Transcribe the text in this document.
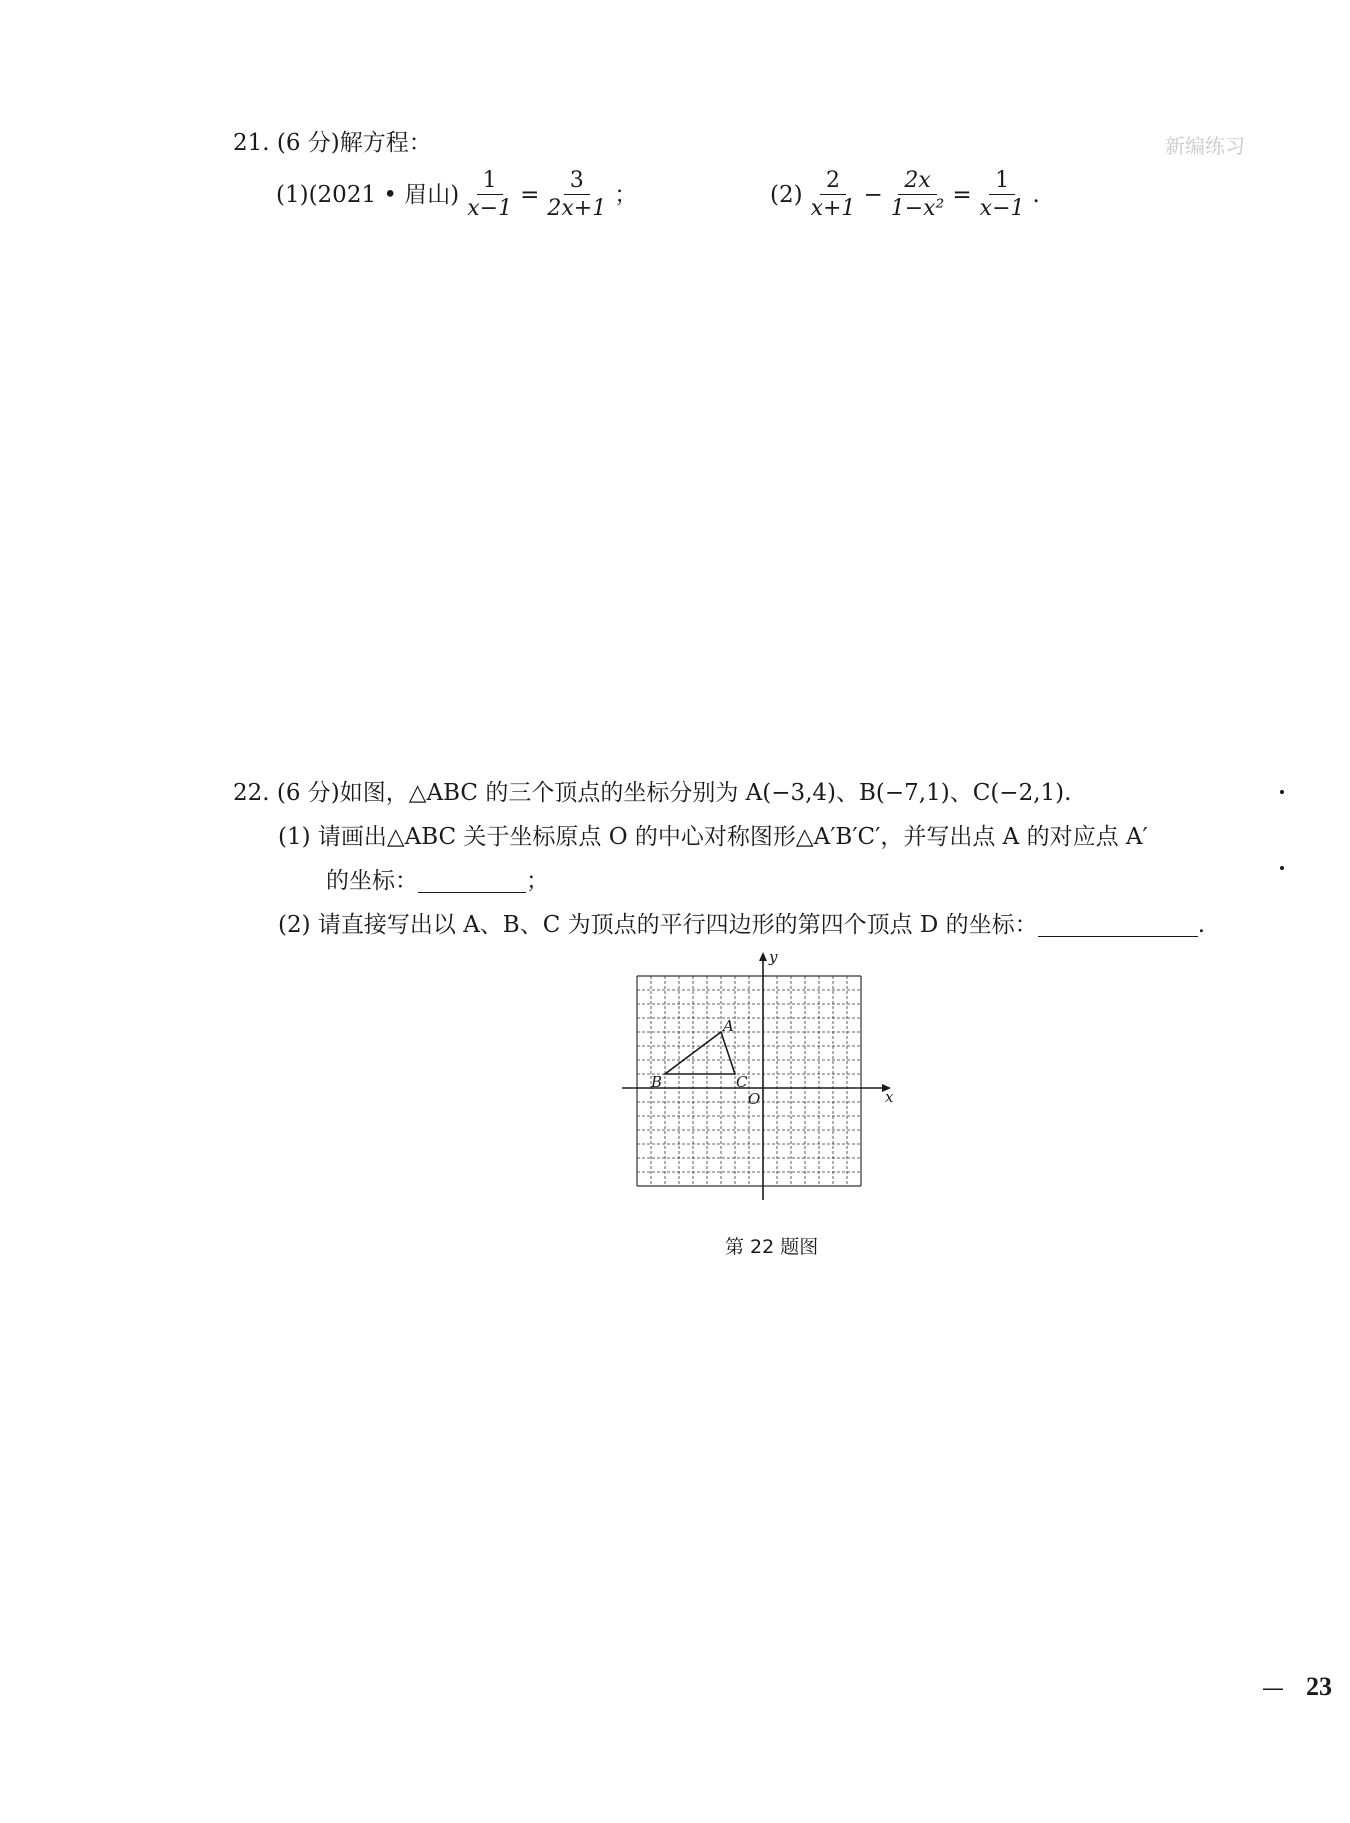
21. (6 分)解方程：
(1)(2021 • 眉山) $\frac{1}{x-1} = \frac{3}{2x+1}$ ；	$(2) \frac{2}{x+1} - \frac{2x}{\text{1−x²}} = \frac{1}{x-1}$ .
22. (6 分)如图，△ABC 的三个顶点的坐标分别为 A(−3,4)、B(−7,1)、C(−2,1).
(1) 请画出△ABC 关于坐标原点 O 的中心对称图形△A′B′C′，并写出点 A 的对应点 A′
的坐标：	；
(2) 请直接写出以 A、B、C 为顶点的平行四边形的第四个顶点 D 的坐标：	.
x
y
O
A
B	C
第 22 题图
新编练习
— 23
